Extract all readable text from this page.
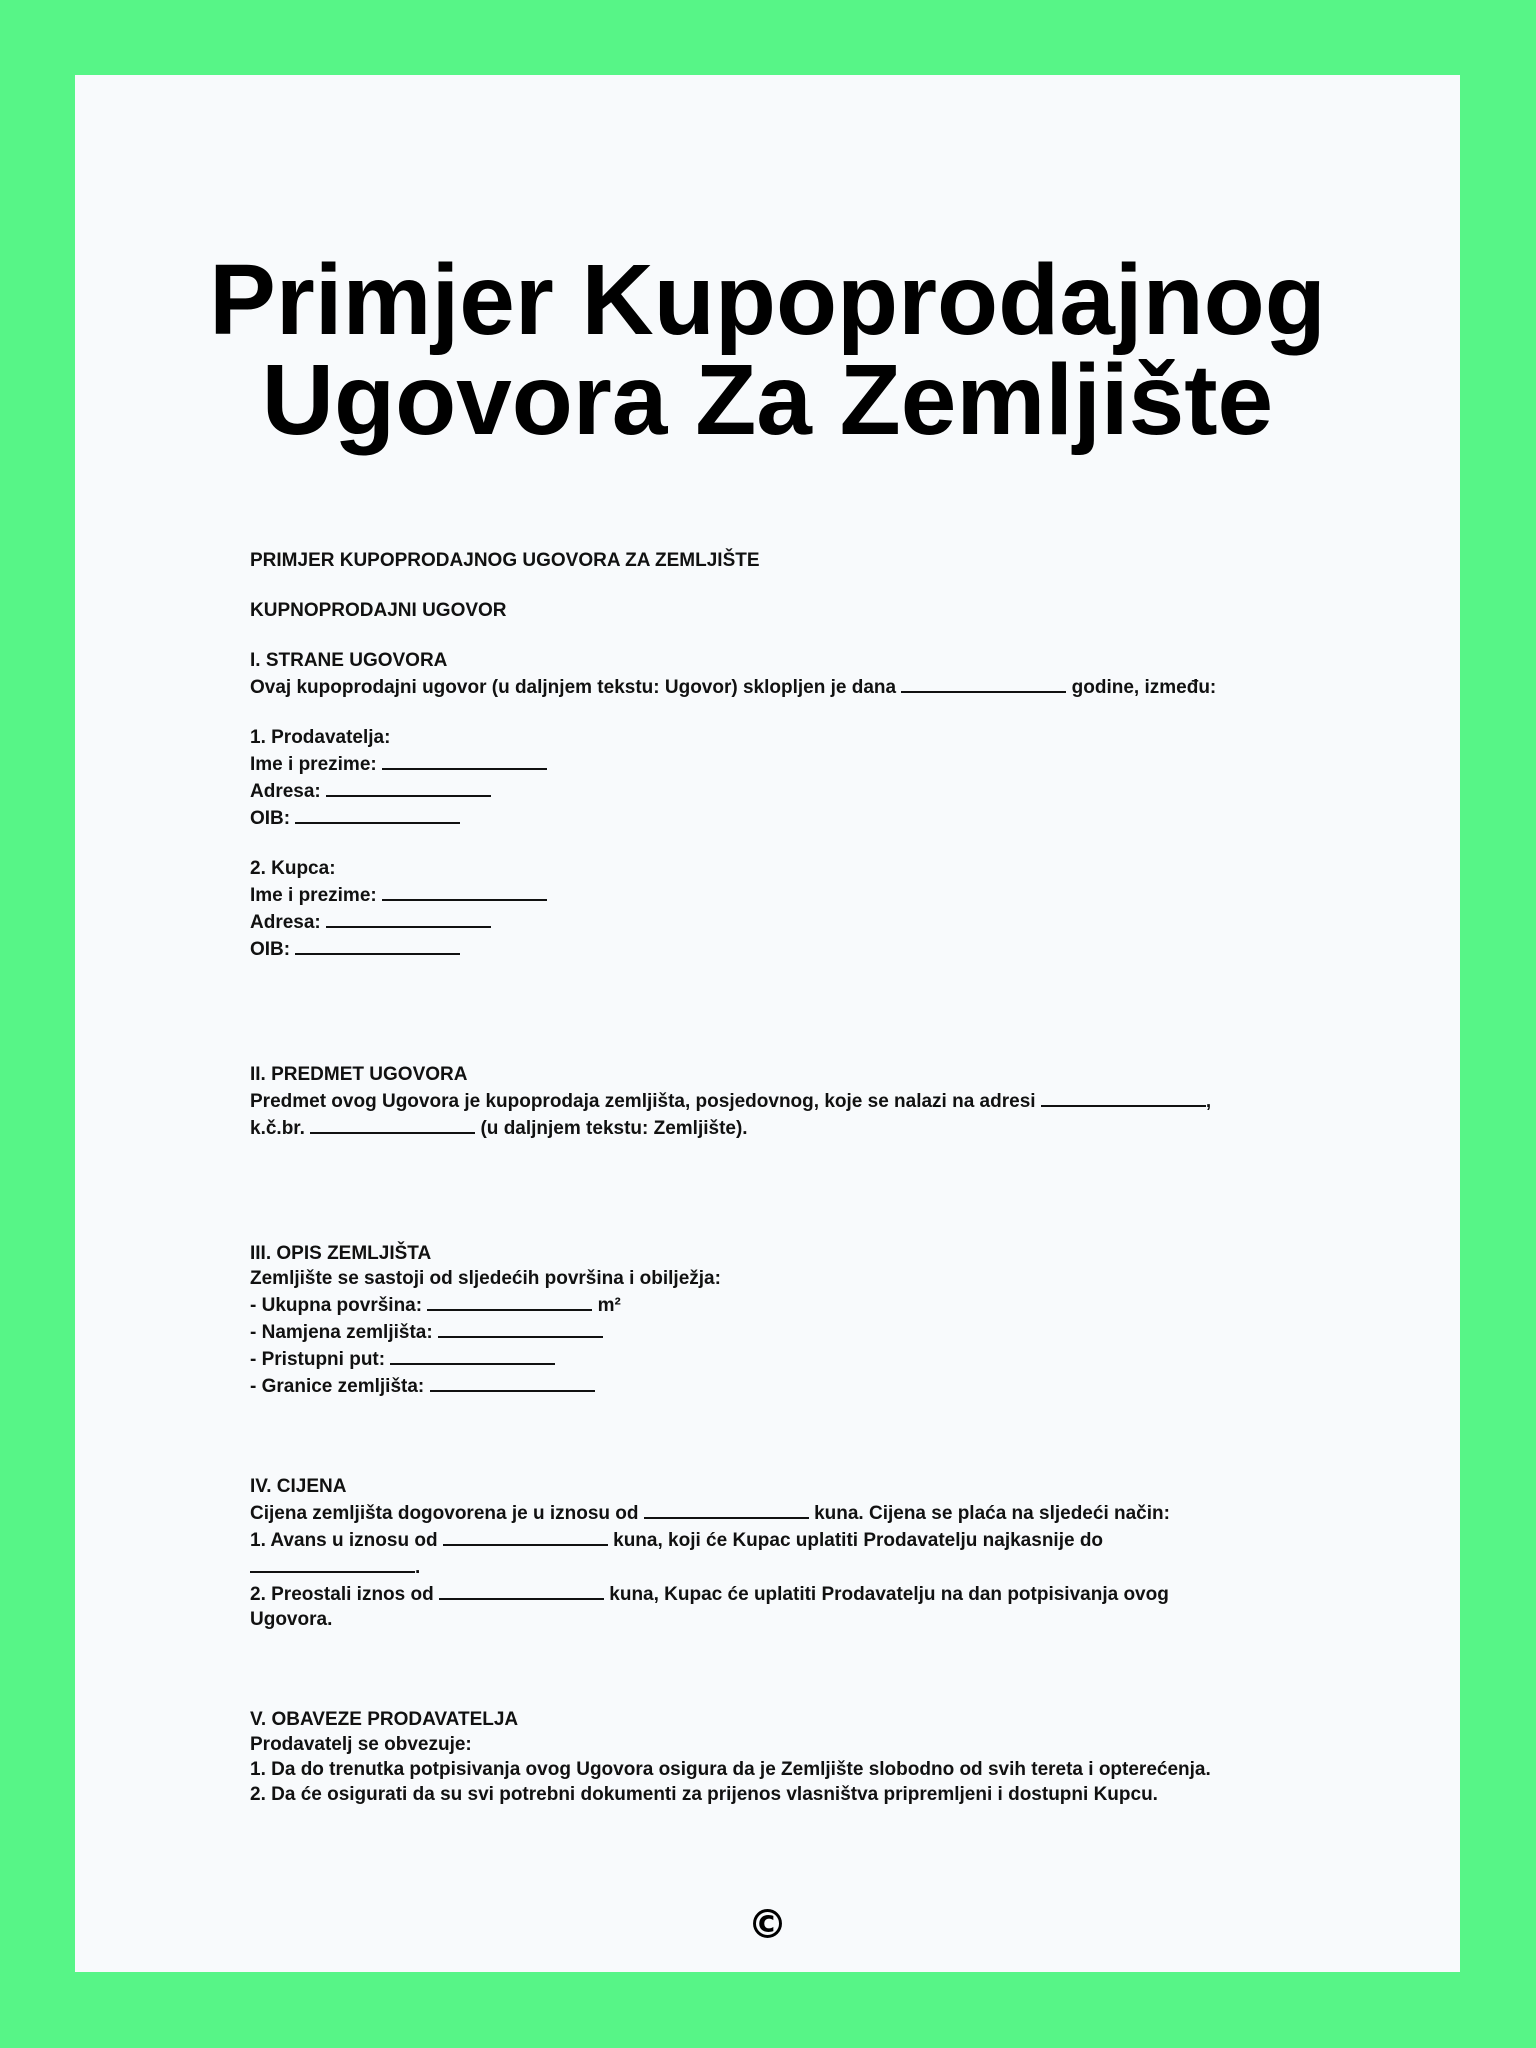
Primjer Kupoprodajnog
Ugovora Za Zemljište
PRIMJER KUPOPRODAJNOG UGOVORA ZA ZEMLJIŠTE
KUPNOPRODAJNI UGOVOR
I. STRANE UGOVORA
Ovaj kupoprodajni ugovor (u daljnjem tekstu: Ugovor) sklopljen je dana	godine, između:
1. Prodavatelja:
Ime i prezime:
Adresa:
OIB:
2. Kupca:
Ime i prezime:
Adresa:
OIB:
II. PREDMET UGOVORA
Predmet ovog Ugovora je kupoprodaja zemljišta, posjedovnog, koje se nalazi na adresi	,
k.č.br.	(u daljnjem tekstu: Zemljište).
III. OPIS ZEMLJIŠTA
Zemljište se sastoji od sljedećih površina i obilježja:
- Ukupna površina:	m²
- Namjena zemljišta:
- Pristupni put:
- Granice zemljišta:
IV. CIJENA
Cijena zemljišta dogovorena je u iznosu od	kuna. Cijena se plaća na sljedeći način:
1. Avans u iznosu od	kuna, koji će Kupac uplatiti Prodavatelju najkasnije do
.
2. Preostali iznos od	kuna, Kupac će uplatiti Prodavatelju na dan potpisivanja ovog
Ugovora.
V. OBAVEZE PRODAVATELJA
Prodavatelj se obvezuje:
1. Da do trenutka potpisivanja ovog Ugovora osigura da je Zemljište slobodno od svih tereta i opterećenja.
2. Da će osigurati da su svi potrebni dokumenti za prijenos vlasništva pripremljeni i dostupni Kupcu.
©
